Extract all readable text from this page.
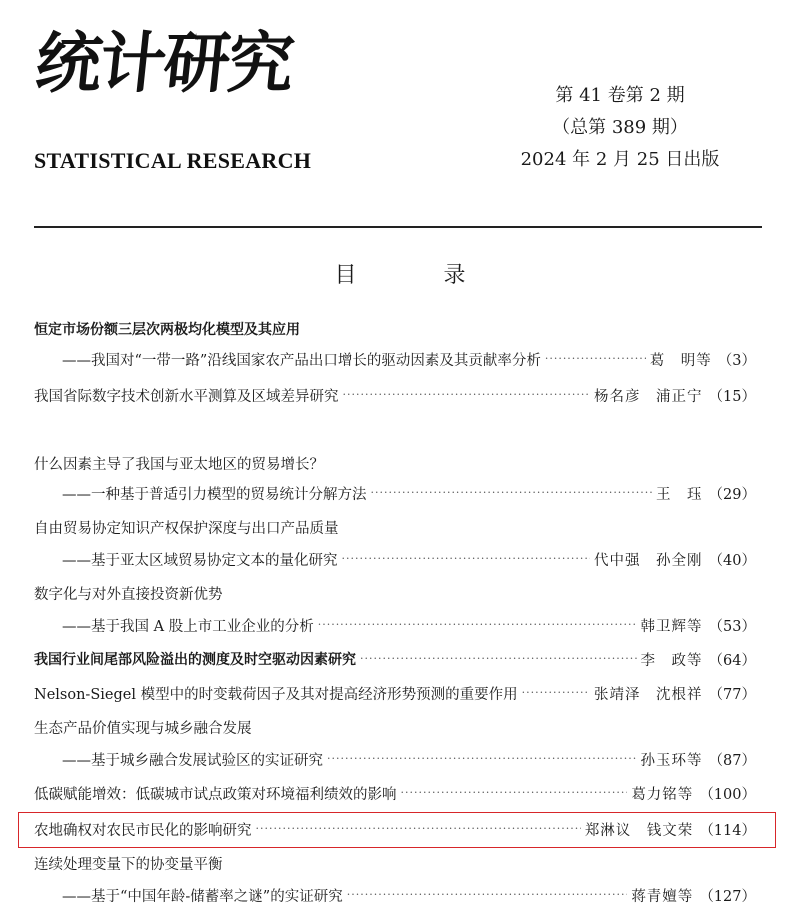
统计研究
STATISTICAL RESEARCH
第 41 卷第 2 期
（总第 389 期）
2024 年 2 月 25 日出版
目 录
恒定市场份额三层次两极均化模型及其应用
——我国对“一带一路”沿线国家农产品出口增长的驱动因素及其贡献率分析 ·····	葛　明等 （3）
我国省际数字技术创新水平测算及区域差异研究 ·····	杨名彦　浦正宁 （15）
什么因素主导了我国与亚太地区的贸易增长？
——一种基于普适引力模型的贸易统计分解方法 ·····	王　珏 （29）
自由贸易协定知识产权保护深度与出口产品质量
——基于亚太区域贸易协定文本的量化研究 ·····	代中强　孙全刚 （40）
数字化与对外直接投资新优势
——基于我国 A 股上市工业企业的分析 ·····	韩卫辉等 （53）
我国行业间尾部风险溢出的测度及时空驱动因素研究 ·····	李　政等 （64）
Nelson-Siegel 模型中的时变载荷因子及其对提高经济形势预测的重要作用 ·····	张靖泽　沈根祥 （77）
生态产品价值实现与城乡融合发展
——基于城乡融合发展试验区的实证研究 ·····	孙玉环等 （87）
低碳赋能增效：低碳城市试点政策对环境福利绩效的影响 ·····	葛力铭等 （100）
农地确权对农民市民化的影响研究 ·····	郑淋议　钱文荣 （114）
连续处理变量下的协变量平衡
——基于“中国年龄-储蓄率之谜”的实证研究 ·····	蒋青嬗等 （127）
